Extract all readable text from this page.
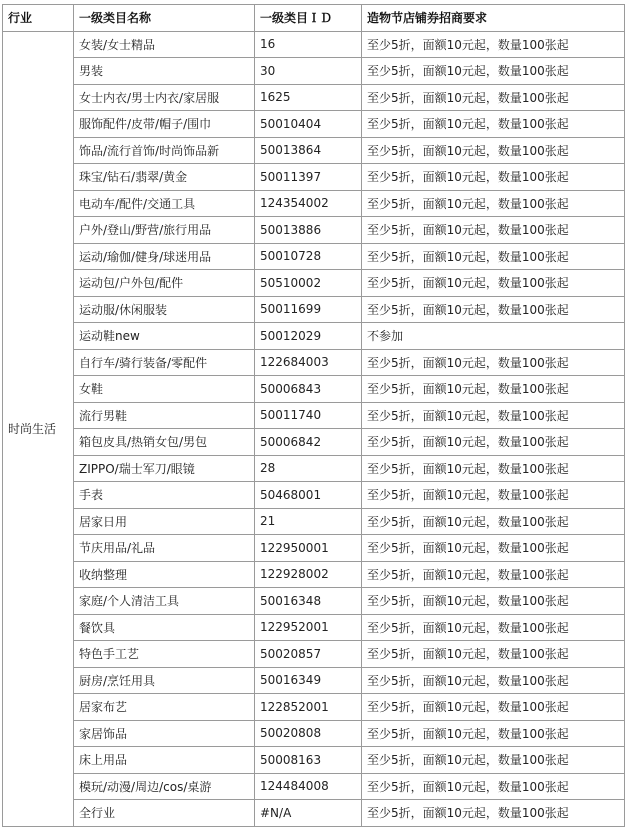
行业	一级类目名称	一级类目ＩＤ	造物节店铺券招商要求
时尚生活	女装/女士精品	16	至少5折，面额10元起，数量100张起
	男装	30	至少5折，面额10元起，数量100张起
	女士内衣/男士内衣/家居服	1625	至少5折，面额10元起，数量100张起
	服饰配件/皮带/帽子/围巾	50010404	至少5折，面额10元起，数量100张起
	饰品/流行首饰/时尚饰品新	50013864	至少5折，面额10元起，数量100张起
	珠宝/钻石/翡翠/黄金	50011397	至少5折，面额10元起，数量100张起
	电动车/配件/交通工具	124354002	至少5折，面额10元起，数量100张起
	户外/登山/野营/旅行用品	50013886	至少5折，面额10元起，数量100张起
	运动/瑜伽/健身/球迷用品	50010728	至少5折，面额10元起，数量100张起
	运动包/户外包/配件	50510002	至少5折，面额10元起，数量100张起
	运动服/休闲服装	50011699	至少5折，面额10元起，数量100张起
	运动鞋new	50012029	不参加
	自行车/骑行装备/零配件	122684003	至少5折，面额10元起，数量100张起
	女鞋	50006843	至少5折，面额10元起，数量100张起
	流行男鞋	50011740	至少5折，面额10元起，数量100张起
	箱包皮具/热销女包/男包	50006842	至少5折，面额10元起，数量100张起
	ZIPPO/瑞士军刀/眼镜	28	至少5折，面额10元起，数量100张起
	手表	50468001	至少5折，面额10元起，数量100张起
	居家日用	21	至少5折，面额10元起，数量100张起
	节庆用品/礼品	122950001	至少5折，面额10元起，数量100张起
	收纳整理	122928002	至少5折，面额10元起，数量100张起
	家庭/个人清洁工具	50016348	至少5折，面额10元起，数量100张起
	餐饮具	122952001	至少5折，面额10元起，数量100张起
	特色手工艺	50020857	至少5折，面额10元起，数量100张起
	厨房/烹饪用具	50016349	至少5折，面额10元起，数量100张起
	居家布艺	122852001	至少5折，面额10元起，数量100张起
	家居饰品	50020808	至少5折，面额10元起，数量100张起
	床上用品	50008163	至少5折，面额10元起，数量100张起
	模玩/动漫/周边/cos/桌游	124484008	至少5折，面额10元起，数量100张起
	全行业	#N/A	至少5折，面额10元起，数量100张起
